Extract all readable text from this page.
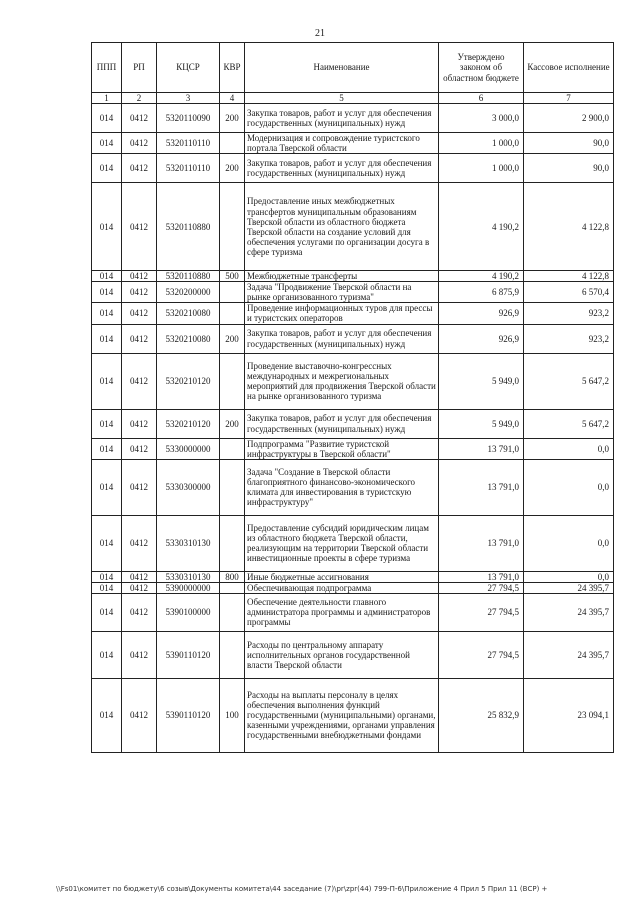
21
ППП	РП	КЦСР	КВР	Наименование	Утверждено законом об областном бюджете	Кассовое исполнение
1	2	3	4	5	6	7
014	0412	5320110090	200	Закупка товаров, работ и услуг для обеспечения государственных (муниципальных) нужд	3 000,0	2 900,0
014	0412	5320110110		Модернизация и сопровождение туристского портала Тверской области	1 000,0	90,0
014	0412	5320110110	200	Закупка товаров, работ и услуг для обеспечения государственных (муниципальных) нужд	1 000,0	90,0
014	0412	5320110880		Предоставление иных межбюджетных трансфертов муниципальным образованиям Тверской области из областного бюджета Тверской области на создание условий для обеспечения услугами по организации досуга в сфере туризма	4 190,2	4 122,8
014	0412	5320110880	500	Межбюджетные трансферты	4 190,2	4 122,8
014	0412	5320200000		Задача "Продвижение Тверской области на рынке организованного туризма"	6 875,9	6 570,4
014	0412	5320210080		Проведение информационных туров для прессы и туристских операторов	926,9	923,2
014	0412	5320210080	200	Закупка товаров, работ и услуг для обеспечения государственных (муниципальных) нужд	926,9	923,2
014	0412	5320210120		Проведение выставочно-конгрессных международных и межрегиональных мероприятий для продвижения Тверской области на рынке организованного туризма	5 949,0	5 647,2
014	0412	5320210120	200	Закупка товаров, работ и услуг для обеспечения государственных (муниципальных) нужд	5 949,0	5 647,2
014	0412	5330000000		Подпрограмма "Развитие туристской инфраструктуры в Тверской области"	13 791,0	0,0
014	0412	5330300000		Задача "Создание в Тверской области благоприятного финансово-экономического климата для инвестирования в туристскую инфраструктуру"	13 791,0	0,0
014	0412	5330310130		Предоставление субсидий юридическим лицам из областного бюджета Тверской области, реализующим на территории Тверской области инвестиционные проекты в сфере туризма	13 791,0	0,0
014	0412	5330310130	800	Иные бюджетные ассигнования	13 791,0	0,0
014	0412	5390000000		Обеспечивающая подпрограмма	27 794,5	24 395,7
014	0412	5390100000		Обеспечение деятельности главного администратора программы и администраторов программы	27 794,5	24 395,7
014	0412	5390110120		Расходы по центральному аппарату исполнительных органов государственной власти Тверской области	27 794,5	24 395,7
014	0412	5390110120	100	Расходы на выплаты персоналу в целях обеспечения выполнения функций государственными (муниципальными) органами, казенными учреждениями, органами управления государственными внебюджетными фондами	25 832,9	23 094,1
\\Fs01\комитет по бюджету\6 созыв\Документы комитета\44 заседание (7)\pr\zpr(44) 799-П-6\Приложение 4 Прил 5 Прил 11 (ВСР) +
